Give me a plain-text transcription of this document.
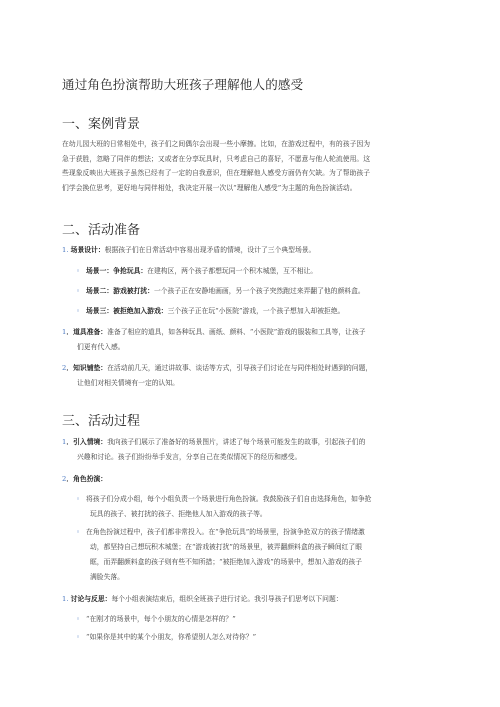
通过角色扮演帮助大班孩子理解他人的感受
一、案例背景
在幼儿园大班的日常相处中，孩子们之间偶尔会出现一些小摩擦。比如，在游戏过程中，有的孩子因为
急于获胜，忽略了同伴的想法；又或者在分享玩具时，只考虑自己的喜好，不愿意与他人轮流使用。这
些现象反映出大班孩子虽然已经有了一定的自我意识，但在理解他人感受方面仍有欠缺。为了帮助孩子
们学会换位思考，更好地与同伴相处，我决定开展一次以“理解他人感受”为主题的角色扮演活动。
二、活动准备
1. 场景设计：根据孩子们在日常活动中容易出现矛盾的情境，设计了三个典型场景。
◦ 场景一：争抢玩具：在建构区，两个孩子都想玩同一个积木城堡，互不相让。
◦ 场景二：游戏被打扰：一个孩子正在安静地画画，另一个孩子突然跑过来弄翻了他的颜料盒。
◦ 场景三：被拒绝加入游戏：三个孩子正在玩“小医院”游戏，一个孩子想加入却被拒绝。
1．道具准备：准备了相应的道具，如各种玩具、画纸、颜料、“小医院”游戏的服装和工具等，让孩子
们更有代入感。
2．知识铺垫：在活动前几天，通过讲故事、谈话等方式，引导孩子们讨论在与同伴相处时遇到的问题，
让他们对相关情境有一定的认知。
三、活动过程
1．引入情境：我向孩子们展示了准备好的场景图片，讲述了每个场景可能发生的故事，引起孩子们的
兴趣和讨论。孩子们纷纷举手发言，分享自己在类似情况下的经历和感受。
2．角色扮演：
◦ 将孩子们分成小组，每个小组负责一个场景进行角色扮演。我鼓励孩子们自由选择角色，如争抢
玩具的孩子、被打扰的孩子、拒绝他人加入游戏的孩子等。
◦ 在角色扮演过程中，孩子们都非常投入。在“争抢玩具”的场景里，扮演争抢双方的孩子情绪激
动，都坚持自己想玩积木城堡；在“游戏被打扰”的场景里，被弄翻颜料盒的孩子瞬间红了眼
眶，而弄翻颜料盒的孩子则有些不知所措；“被拒绝加入游戏”的场景中，想加入游戏的孩子
满脸失落。
1. 讨论与反思：每个小组表演结束后，组织全班孩子进行讨论。我引导孩子们思考以下问题：
◦ “在刚才的场景中，每个小朋友的心情是怎样的？”
◦ “如果你是其中的某个小朋友，你希望别人怎么对待你？”
